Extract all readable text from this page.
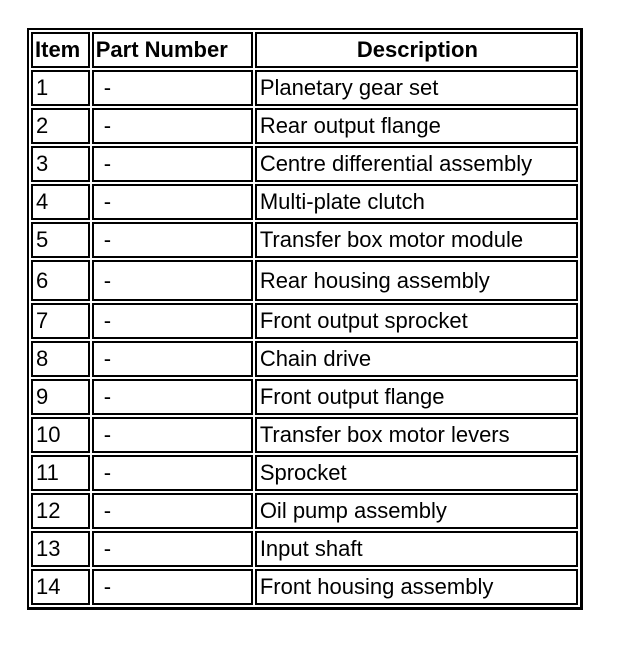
Item	Part Number	Description
1	-	Planetary gear set
2	-	Rear output flange
3	-	Centre differential assembly
4	-	Multi-plate clutch
5	-	Transfer box motor module
6	-	Rear housing assembly
7	-	Front output sprocket
8	-	Chain drive
9	-	Front output flange
10	-	Transfer box motor levers
11	-	Sprocket
12	-	Oil pump assembly
13	-	Input shaft
14	-	Front housing assembly
